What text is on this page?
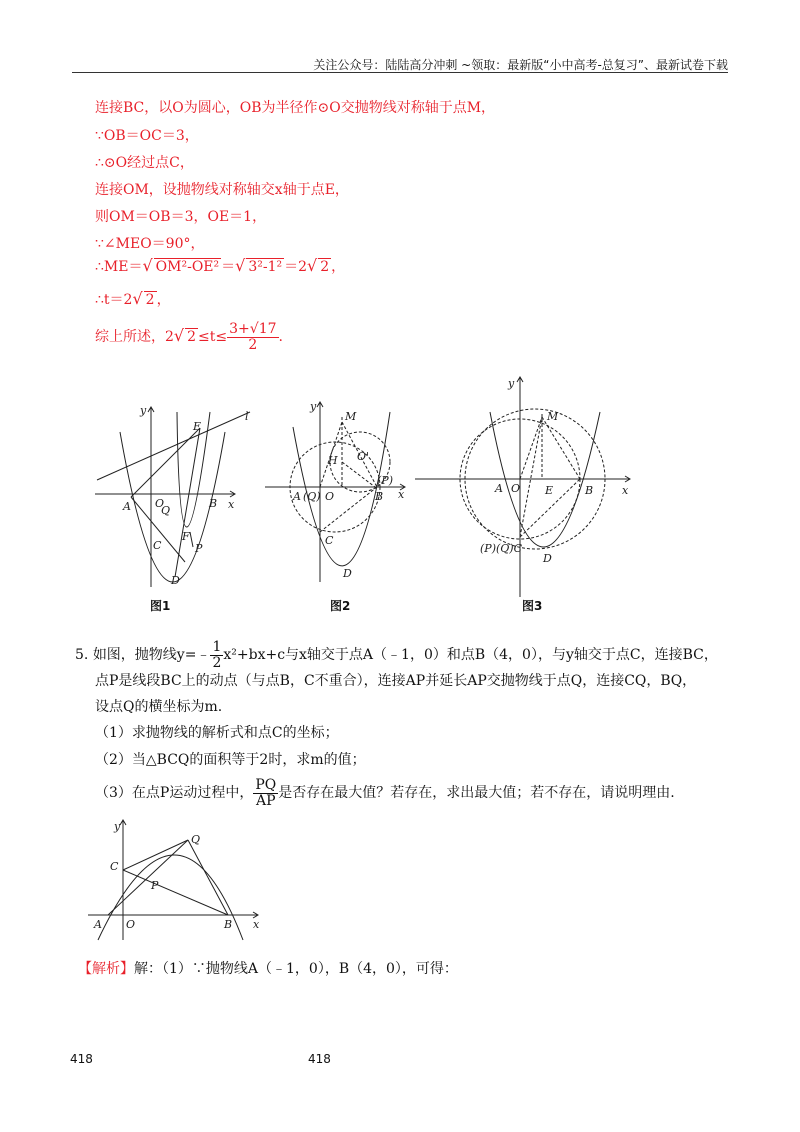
关注公众号：陆陆高分冲刺 ~领取：最新版“小中高考-总复习”、最新试卷下载
连接BC，以O为圆心，OB为半径作⊙O交抛物线对称轴于点M，
∵OB＝OC＝3，
∴⊙O经过点C，
连接OM，设抛物线对称轴交x轴于点E，
则OM＝OB＝3，OE＝1，
∵∠MEO＝90°，
∴ME＝√ OM²-OE² ＝√ 3²-1² ＝2√ 2 ，
∴t＝2√ 2 ，
综上所述，2√ $2 \le t\le \frac{3+√17}{2}$ .
y
E
l
A O
Q
B x
C
F
P
D
y
M
H O'
A (Q) O
(P)
B x
C
D
y
M
A O E	B	x
(P)(Q)C
D
图1	图2	图3
5. 如图，抛物线y=﹣ $\frac{1}{2} x^2+bx+c$与x轴交于点A（﹣1，0）和点B（4，0），与y轴交于点C，连接BC，
点P是线段BC上的动点（与点B，C不重合），连接AP并延长AP交抛物线于点Q，连接CQ，BQ，
设点Q的横坐标为m.
（1）求抛物线的解析式和点C的坐标；
（2）当△BCQ的面积等于2时，求m的值；
（3）在点P运动过程中， $\frac{PQ}{AP}$ 是否存在最大值？若存在，求出最大值；若不存在，请说明理由.
y
Q
C
P
A O	B x
【解析】解：（1）∵抛物线A（﹣1，0），B（4，0），可得：
418	418
